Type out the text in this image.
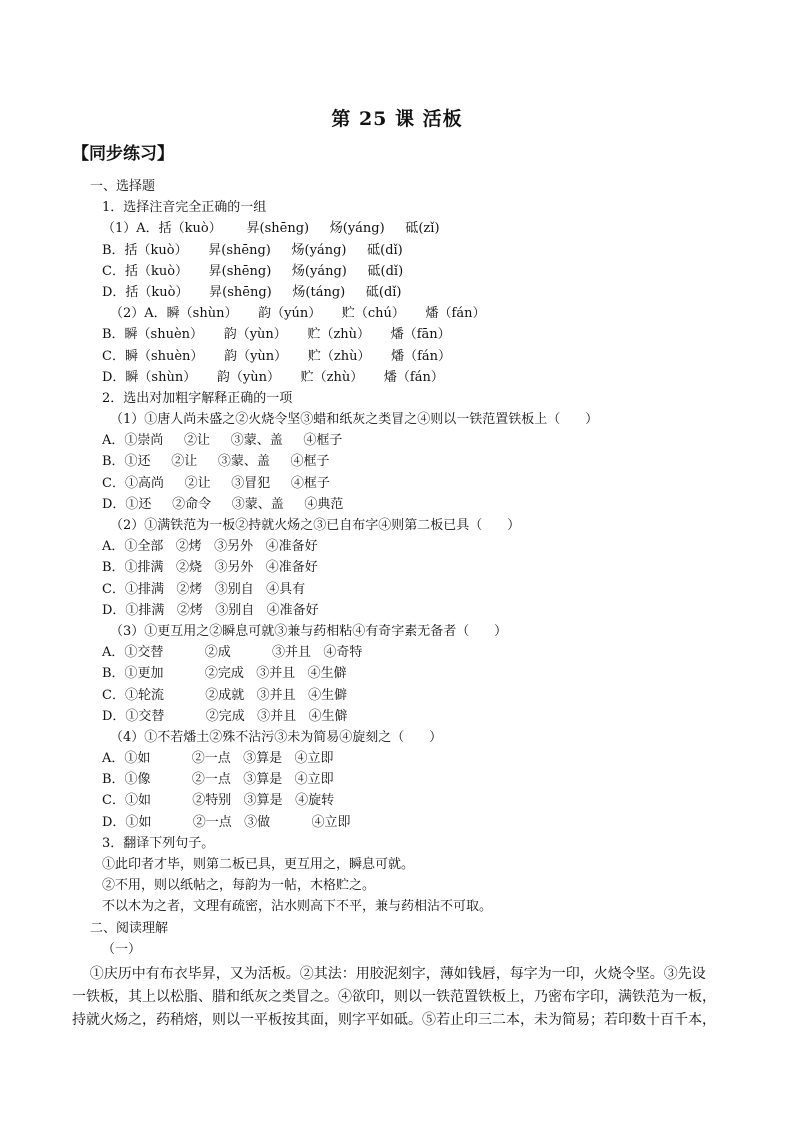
第 25 课 活板
【同步练习】
一、选择题
1．选择注音完全正确的一组
（1）A．括（kuò）      昇(shēng)     炀(yáng)     砥(zǐ)
B．括（kuò）     昇(shēng)     炀(yáng)     砥(dǐ)
C．括（kuò）     昇(shēng)     炀(yáng)     砥(dǐ)
D．括（kuò）     昇(shēng)     炀(táng)     砥(dǐ)
（2）A．瞬（shùn）     韵（yún）     贮（chú）     燔（fán）
B．瞬（shuèn）     韵（yùn）     贮（zhù）     燔（fān）
C．瞬（shuèn）     韵（yùn）     贮（zhù）     燔（fán）
D．瞬（shùn）     韵（yùn）     贮（zhù）     燔（fán）
2．选出对加粗字解释正确的一项
（1）①唐人尚未盛之②火烧令坚③蜡和纸灰之类冒之④则以一铁范置铁板上（      ）
A．①崇尚     ②让     ③蒙、盖     ④框子
B．①还     ②让     ③蒙、盖     ④框子
C．①高尚     ②让     ③冒犯     ④框子
D．①还     ②命令     ③蒙、盖     ④典范
（2）①满铁范为一板②持就火炀之③已自布字④则第二板已具（      ）
A．①全部   ②烤   ③另外   ④准备好
B．①排满   ②烧   ③另外   ④准备好
C．①排满   ②烤   ③别自   ④具有
D．①排满   ②烤   ③别自   ④准备好
（3）①更互用之②瞬息可就③兼与药相粘④有奇字素无备者（      ）
A．①交替          ②成          ③并且   ④奇特
B．①更加          ②完成   ③并且   ④生僻
C．①轮流          ②成就   ③并且   ④生僻
D．①交替          ②完成   ③并且   ④生僻
（4）①不若燔土②殊不沾污③未为简易④旋刻之（      ）
A．①如          ②一点   ③算是   ④立即
B．①像          ②一点   ③算是   ④立即
C．①如          ②特别   ③算是   ④旋转
D．①如          ②一点   ③做          ④立即
3．翻译下列句子。
①此印者才毕，则第二板已具，更互用之，瞬息可就。
②不用，则以纸帖之，每韵为一帖，木格贮之。
不以木为之者，文理有疏密，沾水则高下不平，兼与药相沾不可取。
二、阅读理解
（一）
①庆历中有布衣毕昇，又为活板。②其法：用胶泥刻字，薄如钱唇，每字为一印，火烧令坚。③先设
一铁板，其上以松脂、腊和纸灰之类冒之。④欲印，则以一铁范置铁板上，乃密布字印，满铁范为一板，
持就火炀之，药稍熔，则以一平板按其面，则字平如砥。⑤若止印三二本，未为简易；若印数十百千本，
